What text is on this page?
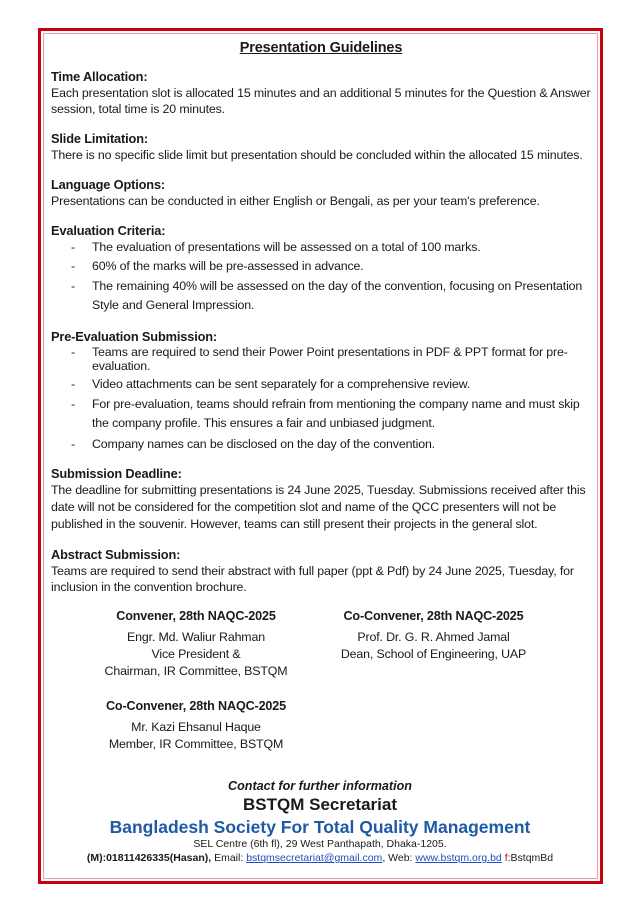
Presentation Guidelines
Time Allocation:

Each presentation slot is allocated 15 minutes and an additional 5 minutes for the Question & Answer session, total time is 20 minutes.

Slide Limitation:

There is no specific slide limit but presentation should be concluded within the allocated 15 minutes.

Language Options:

Presentations can be conducted in either English or Bengali, as per your team's preference.

Evaluation Criteria:
- The evaluation of presentations will be assessed on a total of 100 marks.
- 60% of the marks will be pre-assessed in advance.
- The remaining 40% will be assessed on the day of the convention, focusing on Presentation Style and General Impression.
Pre-Evaluation Submission:
- Teams are required to send their Power Point presentations in PDF & PPT format for pre-evaluation.
- Video attachments can be sent separately for a comprehensive review.
- For pre-evaluation, teams should refrain from mentioning the company name and must skip the company profile. This ensures a fair and unbiased judgment.
- Company names can be disclosed on the day of the convention.
Submission Deadline:

The deadline for submitting presentations is 24 June 2025, Tuesday. Submissions received after this date will not be considered for the competition slot and name of the QCC presenters will not be published in the souvenir. However, teams can still present their projects in the general slot.

Abstract Submission:

Teams are required to send their abstract with full paper (ppt & Pdf) by 24 June 2025, Tuesday, for inclusion in the convention brochure.

Convener, 28th NAQC-2025
Engr. Md. Waliur Rahman
Vice President &
Chairman, IR Committee, BSTQM
Co-Convener, 28th NAQC-2025
Prof. Dr. G. R. Ahmed Jamal
Dean, School of Engineering, UAP
Co-Convener, 28th NAQC-2025
Mr. Kazi Ehsanul Haque
Member, IR Committee, BSTQM
Contact for further information
BSTQM Secretariat
Bangladesh Society For Total Quality Management
SEL Centre (6th fl), 29 West Panthapath, Dhaka-1205.
(M):01811426335(Hasan), Email: bstqmsecretariat@gmail.com, Web: www.bstqm.org.bd f:BstqmBd
